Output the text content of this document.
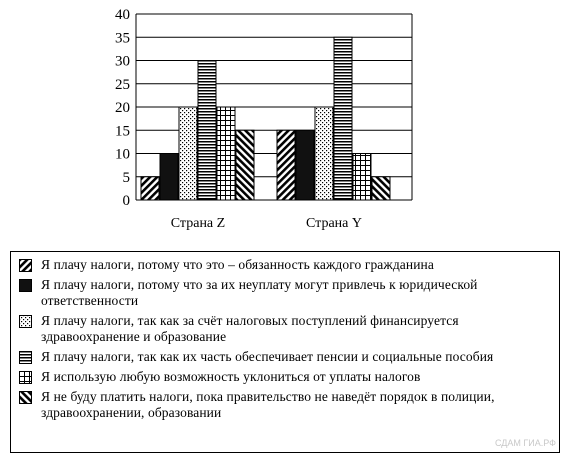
0
5
10
15
20
25
30
35
40
Страна Z	Страна Y
Я плачу налоги, потому что это – обязанность каждого гражданина
Я плачу налоги, потому что за их неуплату могут привлечь к юридической ответственности
Я плачу налоги, так как за счёт налоговых поступлений финансируется здравоохранение и образование
Я плачу налоги, так как их часть обеспечивает пенсии и социальные пособия
Я использую любую возможность уклониться от уплаты налогов
Я не буду платить налоги, пока правительство не наведёт порядок в полиции, здравоохранении, образовании
СДАМ ГИА.РФ
